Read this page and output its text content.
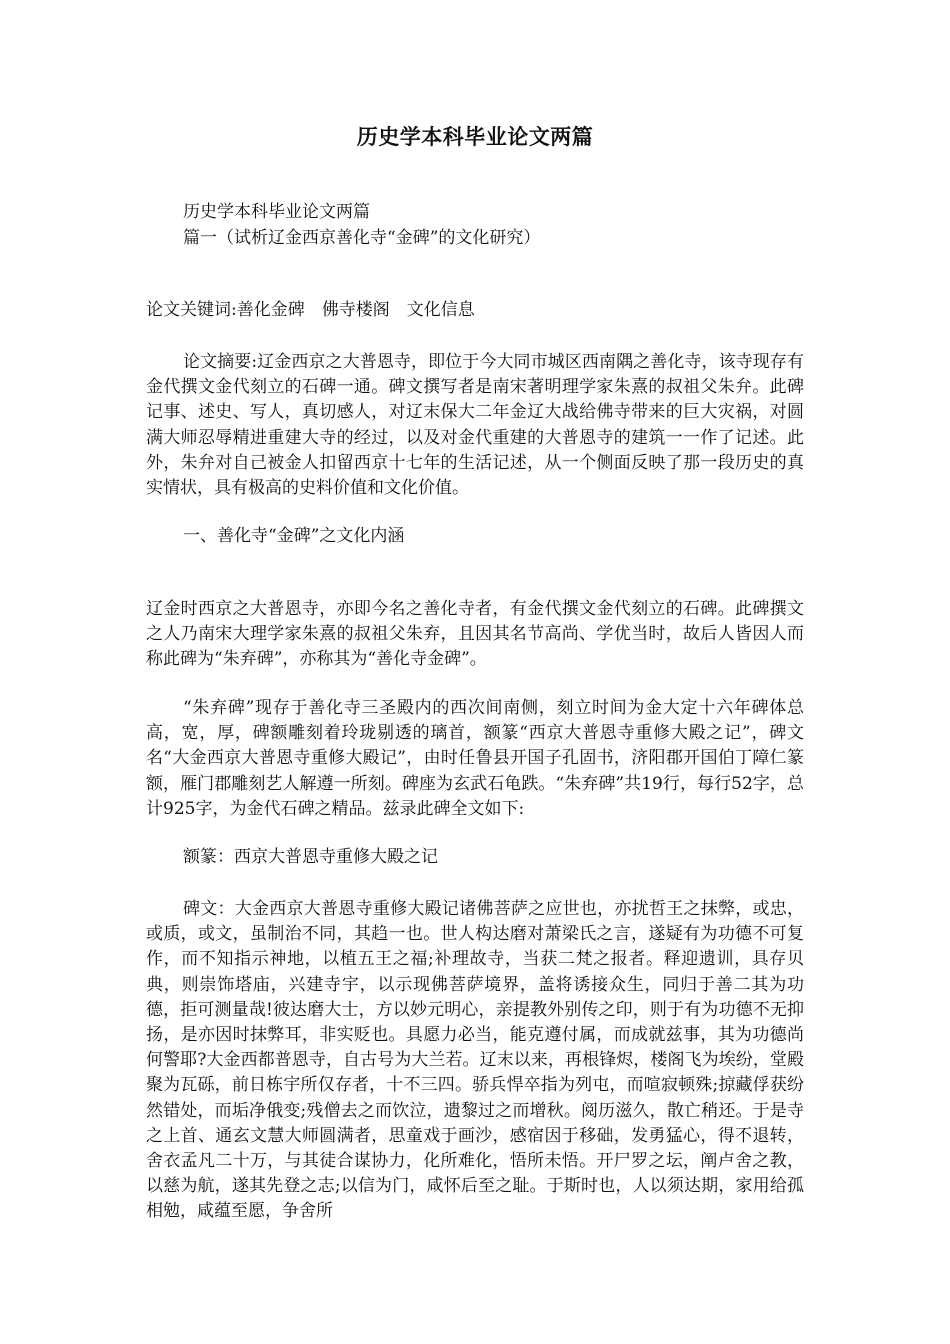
历史学本科毕业论文两篇
历史学本科毕业论文两篇
篇一（试析辽金西京善化寺“金碑”的文化研究）
论文关键词:善化金碑　佛寺楼阁　文化信息

论文摘要:辽金西京之大普恩寺，即位于今大同市城区西南隅之善化寺，该寺现存有金代撰文金代刻立的石碑一通。碑文撰写者是南宋著明理学家朱熹的叔祖父朱弁。此碑记事、述史、写人，真切感人，对辽末保大二年金辽大战给佛寺带来的巨大灾祸，对圆满大师忍辱精进重建大寺的经过，以及对金代重建的大普恩寺的建筑一一作了记述。此外，朱弁对自己被金人扣留西京十七年的生活记述，从一个侧面反映了那一段历史的真实情状，具有极高的史料价值和文化价值。

一、善化寺“金碑”之文化内涵

辽金时西京之大普恩寺，亦即今名之善化寺者，有金代撰文金代刻立的石碑。此碑撰文之人乃南宋大理学家朱熹的叔祖父朱弃，且因其名节高尚、学优当时，故后人皆因人而称此碑为“朱弃碑”，亦称其为“善化寺金碑”。

“朱弃碑”现存于善化寺三圣殿内的西次间南侧，刻立时间为金大定十六年碑体总高，宽，厚，碑额雕刻着玲珑剔透的璃首，额篆“西京大普恩寺重修大殿之记”，碑文名“大金西京大普恩寺重修大殿记”，由时任鲁县开国子孔固书，济阳郡开国伯丁障仁篆额，雁门郡雕刻艺人解遵一所刻。碑座为玄武石龟跌。“朱弃碑”共19行，每行52字，总计925字，为金代石碑之精品。兹录此碑全文如下:

额篆：西京大普恩寺重修大殿之记

碑文：大金西京大普恩寺重修大殿记诸佛菩萨之应世也，亦扰哲王之抹弊，或忠，或质，或文，虽制治不同，其趋一也。世人构达磨对萧梁氏之言，遂疑有为功德不可复作，而不知指示神地，以植五王之福;补理故寺，当获二梵之报者。释迎遗训，具存贝典，则崇饰塔庙，兴建寺宇，以示现佛菩萨境界，盖将诱接众生，同归于善二其为功德，拒可测量哉!彼达磨大士，方以妙元明心，亲提教外别传之印，则于有为功德不无抑扬，是亦因时抹弊耳，非实贬也。具愿力必当，能克遵付属，而成就兹事，其为功德尚何警耶?大金西都普恩寺，自古号为大兰若。辽末以来，再根锋烬，楼阁飞为埃纷，堂殿聚为瓦砾，前日栋宇所仅存者，十不三四。骄兵悍卒指为列屯，而喧寂顿殊;掠藏俘获纷然错处，而垢净俄变;残僧去之而饮泣，遗黎过之而增秋。阅历滋久，散亡稍还。于是寺之上首、通玄文慧大师圆满者，思童戏于画沙，感宿因于移础，发勇猛心，得不退转，舍衣孟凡二十万，与其徒合谋协力，化所难化，悟所未悟。开尸罗之坛，阐卢舍之教，以慈为航，遂其先登之志;以信为门，咸怀后至之耻。于斯时也，人以须达期，家用给孤相勉，咸蕴至愿，争舍所
